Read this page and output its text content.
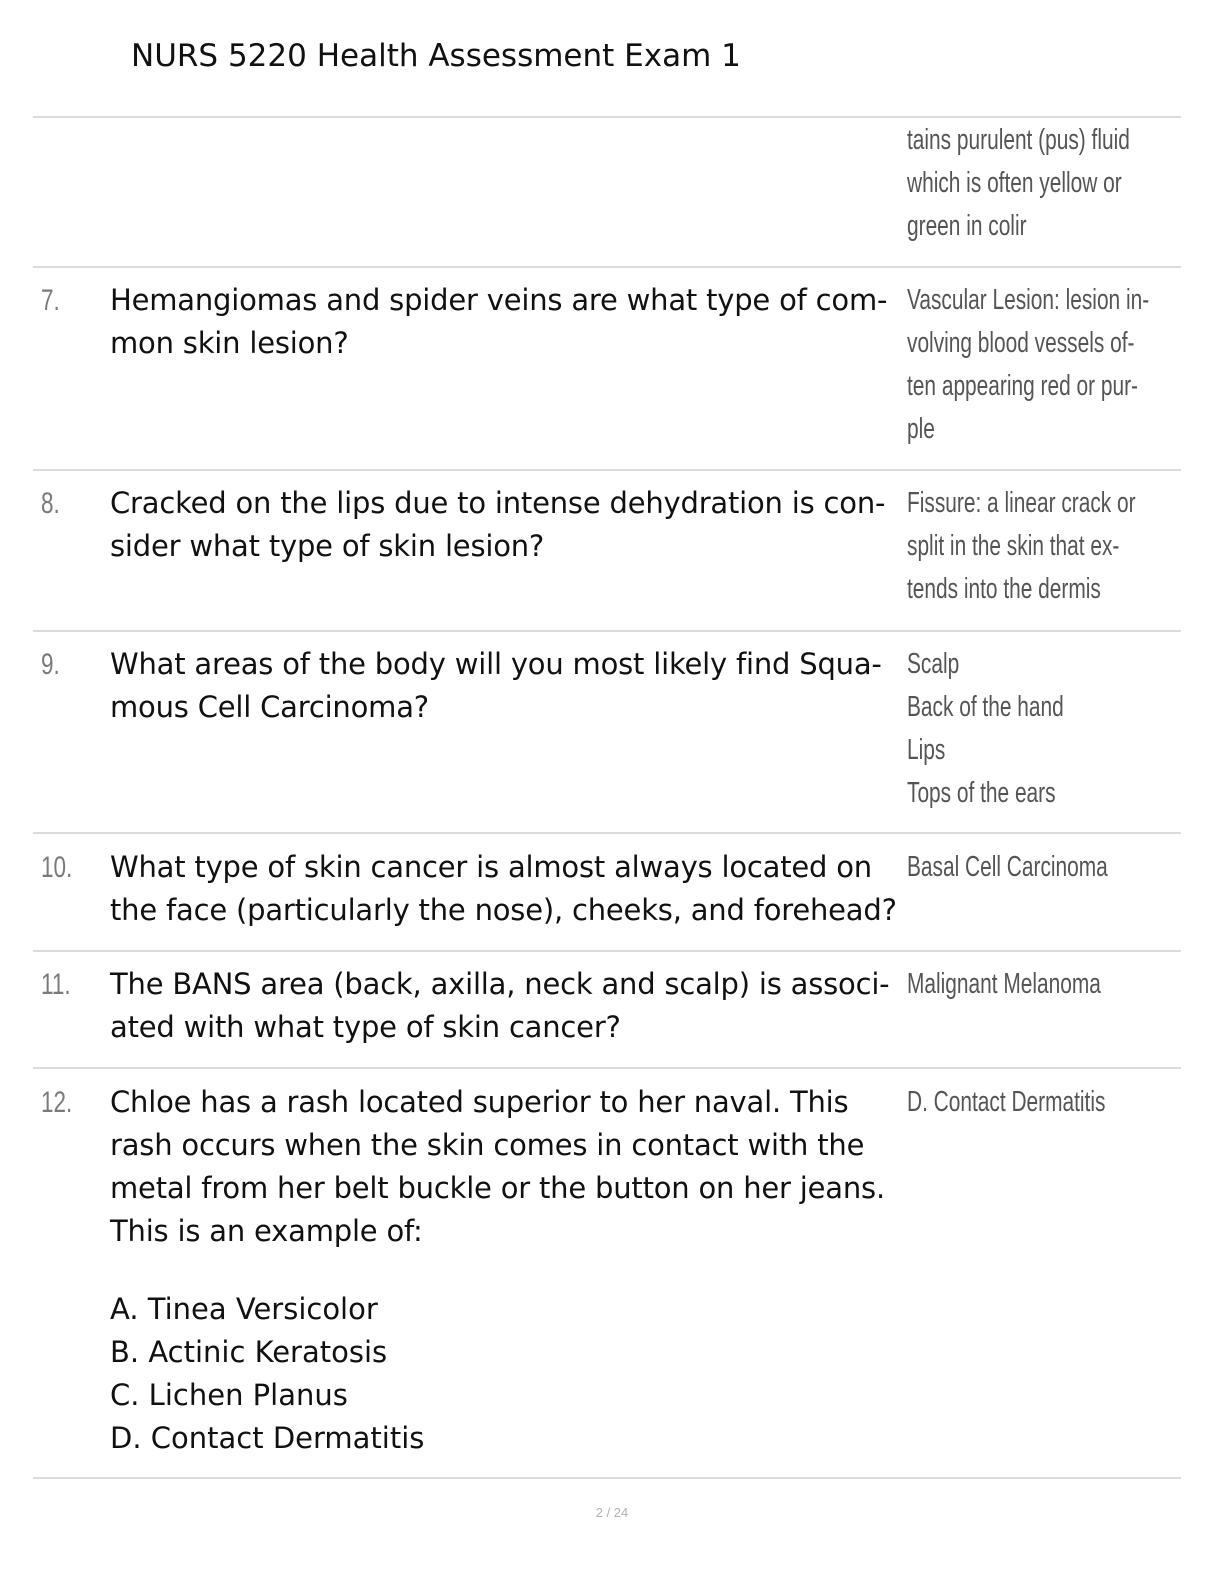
NURS 5220 Health Assessment Exam 1
tains purulent (pus) fluid
which is often yellow or
green in colir
7. Hemangiomas and spider veins are what type of com- mon skin lesion?
Vascular Lesion: lesion in-
volving blood vessels of-
ten appearing red or pur-
ple
8. Cracked on the lips due to intense dehydration is con- sider what type of skin lesion?
Fissure: a linear crack or
split in the skin that ex-
tends into the dermis
9. What areas of the body will you most likely find Squa- mous Cell Carcinoma?
Scalp
Back of the hand
Lips
Tops of the ears
10. What type of skin cancer is almost always located on the face (particularly the nose), cheeks, and forehead?
Basal Cell Carcinoma
11. The BANS area (back, axilla, neck and scalp) is associ- ated with what type of skin cancer?
Malignant Melanoma
12. Chloe has a rash located superior to her naval. This rash occurs when the skin comes in contact with the metal from her belt buckle or the button on her jeans. This is an example of:
D. Contact Dermatitis
A. Tinea Versicolor
B. Actinic Keratosis
C. Lichen Planus
D. Contact Dermatitis
2 / 24
